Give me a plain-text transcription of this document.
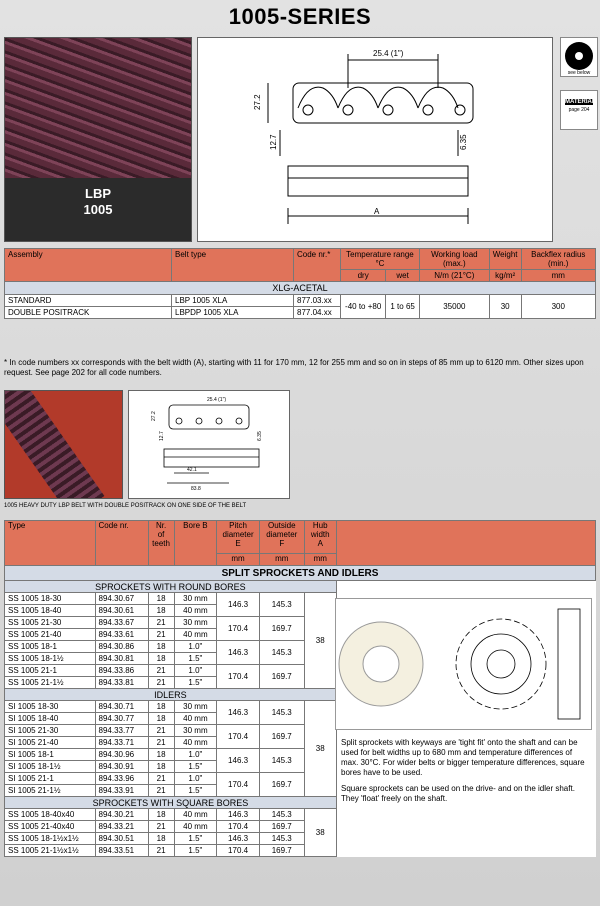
1005-SERIES
LBP
1005
25.4 (1")
27.2
12.7	6.35
A
see below
MATERIAL
page 204
Assembly	Belt type	Code nr.*	Temperature range °C		Working load (max.)	Weight	Backflex radius (min.)
			dry	wet	N/m (21°C)	kg/m²	mm
XLG-ACETAL							
STANDARD	LBP 1005 XLA	877.03.xx	-40 to +80	1 to 65	35000	30	300
DOUBLE POSITRACK	LBPDP 1005 XLA	877.04.xx					
* In code numbers xx corresponds with the belt width (A), starting with 11 for 170 mm, 12 for 255 mm and so on in steps of 85 mm up to 6120 mm. Other sizes upon request. See page 202 for all code numbers.
25.4 (1")
27.2
12.7	6.35
42.1
83.8
1005 HEAVY DUTY LBP BELT WITH DOUBLE POSITRACK ON ONE SIDE OF THE BELT
Type	Code nr.	Nr. of teeth	Bore B	Pitch diameter E	Outside diameter F	Hub width A	
				mm	mm	mm	
SPLIT SPROCKETS AND IDLERS							
SPROCKETS WITH ROUND BORES							
SS 1005 18-30	894.30.67	18	30 mm	146.3	145.3	38	
SS 1005 18-40	894.30.61	18	40 mm				
SS 1005 21-30	894.33.67	21	30 mm	170.4	169.7		
SS 1005 21-40	894.33.61	21	40 mm				
SS 1005 18-1	894.30.86	18	1.0"	146.3	145.3		
SS 1005 18-1½	894.30.81	18	1.5"				
SS 1005 21-1	894.33.86	21	1.0"	170.4	169.7		
SS 1005 21-1½	894.33.81	21	1.5"				
IDLERS							
SI 1005 18-30	894.30.71	18	30 mm	146.3	145.3	38	
SI 1005 18-40	894.30.77	18	40 mm				
SI 1005 21-30	894.33.77	21	30 mm	170.4	169.7		
SI 1005 21-40	894.33.71	21	40 mm				
SI 1005 18-1	894.30.96	18	1.0"	146.3	145.3		
SI 1005 18-1½	894.30.91	18	1.5"				
SI 1005 21-1	894.33.96	21	1.0"	170.4	169.7		
SI 1005 21-1½	894.33.91	21	1.5"				
SPROCKETS WITH SQUARE BORES							
SS 1005 18-40x40	894.30.21	18	40 mm	146.3	145.3	38	
SS 1005 21-40x40	894.33.21	21	40 mm	170.4	169.7		
SS 1005 18-1½x1½	894.30.51	18	1.5"	146.3	145.3		
SS 1005 21-1½x1½	894.33.51	21	1.5"	170.4	169.7		

Split sprockets with keyways are 'tight fit' onto the shaft and can be used for belt widths up to 680 mm and temperature differences of max. 30°C. For wider belts or bigger temperature differences, square bores have to be used.

Square sprockets can be used on the drive- and on the idler shaft. They 'float' freely on the shaft.
